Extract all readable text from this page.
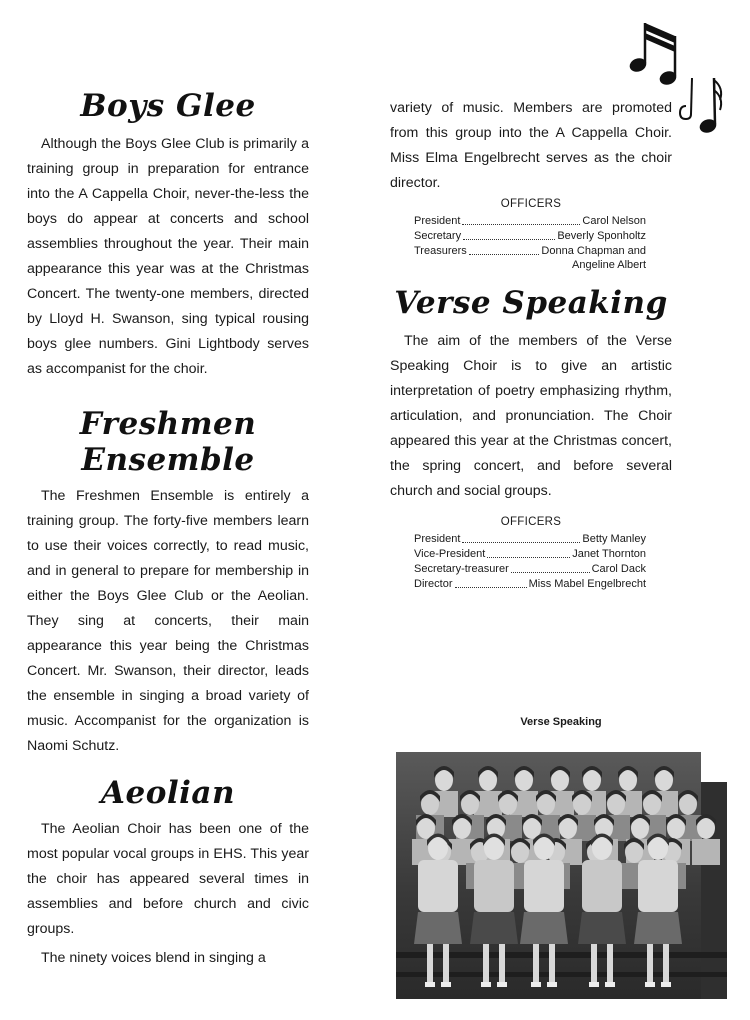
Boys Glee

Although the Boys Glee Club is primarily a training group in preparation for entrance into the A Cappella Choir, never-the-less the boys do appear at concerts and school assemblies throughout the year. Their main appearance this year was at the Christmas Concert. The twenty-one members, directed by Lloyd H. Swanson, sing typical rousing boys glee numbers. Gini Lightbody serves as accompanist for the choir.

Freshmen Ensemble

The Freshmen Ensemble is entirely a training group. The forty-five members learn to use their voices correctly, to read music, and in general to prepare for membership in either the Boys Glee Club or the Aeolian. They sing at concerts, their main appearance this year being the Christmas Concert. Mr. Swanson, their director, leads the ensemble in singing a broad variety of music. Accompanist for the organization is Naomi Schutz.

Aeolian

The Aeolian Choir has been one of the most popular vocal groups in EHS. This year the choir has appeared several times in assemblies and before church and civic groups.

The ninety voices blend in singing a

variety of music. Members are promoted from this group into the A Cappella Choir. Miss Elma Engelbrecht serves as the choir director.

OFFICERS
President	Carol Nelson
Secretary	Beverly Sponholtz
Treasurers	Donna Chapman and
Angeline Albert
Verse Speaking

The aim of the members of the Verse Speaking Choir is to give an artistic interpretation of poetry emphasizing rhythm, articulation, and pronunciation. The Choir appeared this year at the Christmas concert, the spring concert, and before several church and social groups.

OFFICERS
President	Betty Manley
Vice-President	Janet Thornton
Secretary-treasurer	Carol Dack
Director	Miss Mabel Engelbrecht
Verse Speaking
